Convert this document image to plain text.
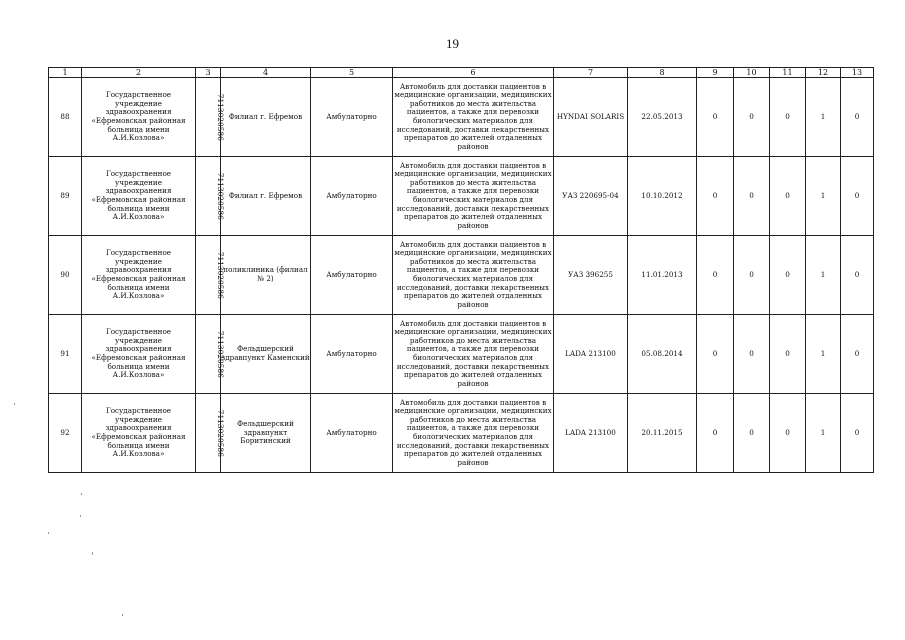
19
1	2	3	4	5	6	7	8	9	10	11	12	13
88	Государственное учреждение здравоохранения «Ефремовская районная больница имени А.И.Козлова»	7113020586	Филиал г. Ефремов	Амбулаторно	Автомобиль для доставки пациентов в медицинские организации, медицинских работников до места жительства пациентов, а также для перевозки биологических материалов для исследований, доставки лекарственных препаратов до жителей отдаленных районов	HYNDAI SOLARIS	22.05.2013	0	0	0	1	0
89	Государственное учреждение здравоохранения «Ефремовская районная больница имени А.И.Козлова»	7113020586	Филиал г. Ефремов	Амбулаторно	Автомобиль для доставки пациентов в медицинские организации, медицинских работников до места жительства пациентов, а также для перевозки биологических материалов для исследований, доставки лекарственных препаратов до жителей отдаленных районов	УАЗ 220695-04	10.10.2012	0	0	0	1	0
90	Государственное учреждение здравоохранения «Ефремовская районная больница имени А.И.Козлова»	7113020586	поликлиника (филиал № 2)	Амбулаторно	Автомобиль для доставки пациентов в медицинские организации, медицинских работников до места жительства пациентов, а также для перевозки биологических материалов для исследований, доставки лекарственных препаратов до жителей отдаленных районов	УАЗ 396255	11.01.2013	0	0	0	1	0
91	Государственное учреждение здравоохранения «Ефремовская районная больница имени А.И.Козлова»	7113020586	Фельдшерский здравпункт Каменский	Амбулаторно	Автомобиль для доставки пациентов в медицинские организации, медицинских работников до места жительства пациентов, а также для перевозки биологических материалов для исследований, доставки лекарственных препаратов до жителей отдаленных районов	LADA 213100	05.08.2014	0	0	0	1	0
92	Государственное учреждение здравоохранения «Ефремовская районная больница имени А.И.Козлова»	7113020586	Фельдшерский здравпункт Боритинский	Амбулаторно	Автомобиль для доставки пациентов в медицинские организации, медицинских работников до места жительства пациентов, а также для перевозки биологических материалов для исследований, доставки лекарственных препаратов до жителей отдаленных районов	LADA 213100	20.11.2015	0	0	0	1	0
